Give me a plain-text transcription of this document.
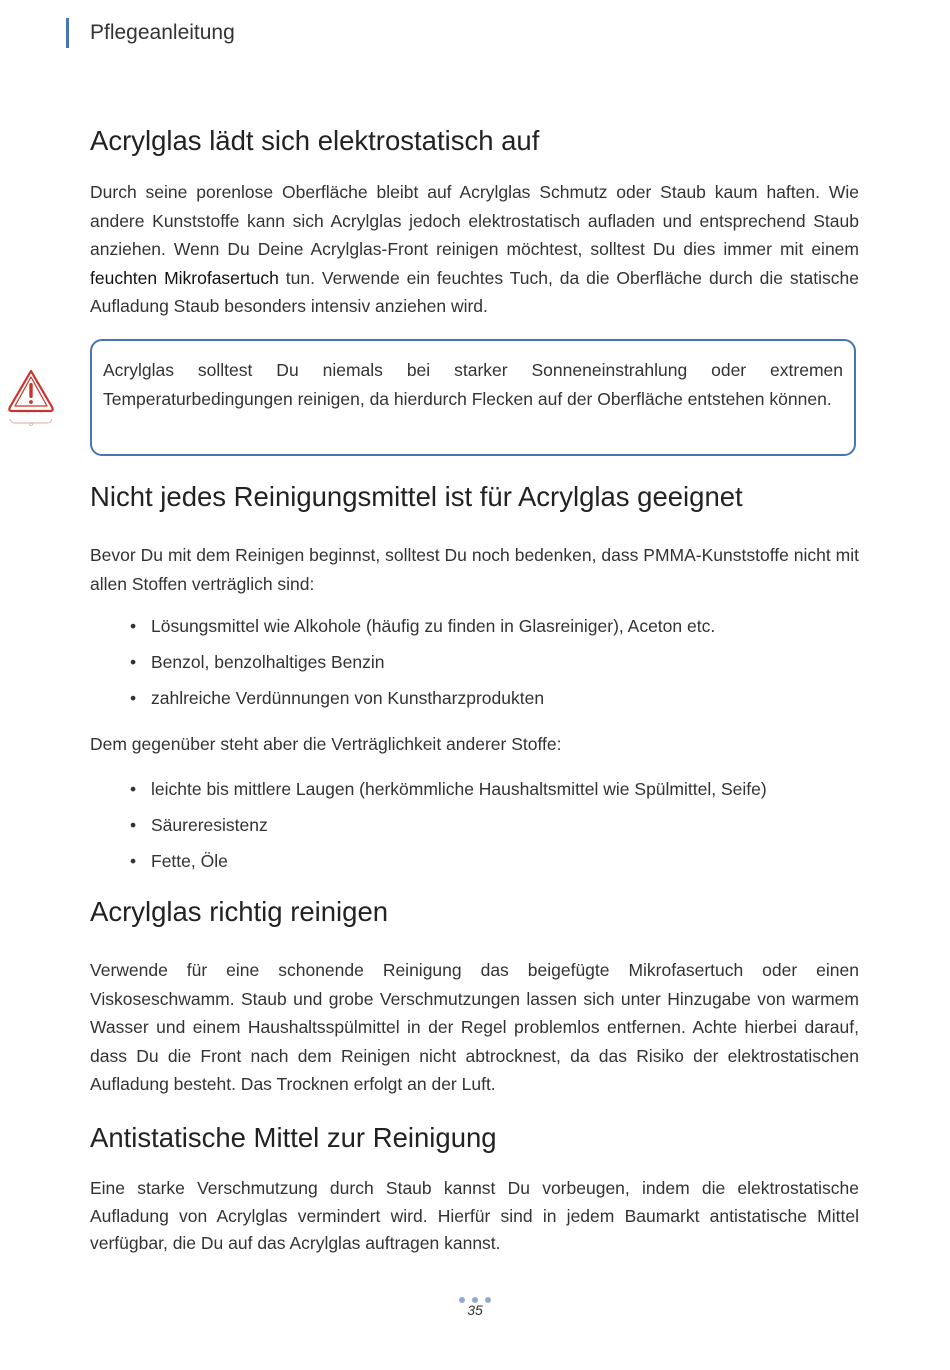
Pflegeanleitung
Acrylglas lädt sich elektrostatisch auf

Durch seine porenlose Oberfläche bleibt auf Acrylglas Schmutz oder Staub kaum haften. Wie andere Kunststoffe kann sich Acrylglas jedoch elektrostatisch aufladen und entsprechend Staub anziehen. Wenn Du Deine Acrylglas-Front reinigen möchtest, solltest Du dies immer mit einem feuchten Mikrofasertuch tun. Verwende ein feuchtes Tuch, da die Oberfläche durch die statische Aufladung Staub besonders intensiv anziehen wird.

Nicht jedes Reinigungsmittel ist für Acrylglas geeignet

Bevor Du mit dem Reinigen beginnst, solltest Du noch bedenken, dass PMMA-Kunststoffe nicht mit allen Stoffen verträglich sind:

• Lösungsmittel wie Alkohole (häufig zu finden in Glasreiniger), Aceton etc.
• Benzol, benzolhaltiges Benzin
• zahlreiche Verdünnungen von Kunstharzprodukten

Dem gegenüber steht aber die Verträglichkeit anderer Stoffe:

• leichte bis mittlere Laugen (herkömmliche Haushaltsmittel wie Spülmittel, Seife)
• Säureresistenz
• Fette, Öle
Acrylglas richtig reinigen

Verwende für eine schonende Reinigung das beigefügte Mikrofasertuch oder einen Viskoseschwamm. Staub und grobe Verschmutzungen lassen sich unter Hinzugabe von warmem Wasser und einem Haushaltsspülmittel in der Regel problemlos entfernen. Achte hierbei darauf, dass Du die Front nach dem Reinigen nicht abtrocknest, da das Risiko der elektrostatischen Aufladung besteht. Das Trocknen erfolgt an der Luft.

Antistatische Mittel zur Reinigung

Eine starke Verschmutzung durch Staub kannst Du vorbeugen, indem die elektrostatische Aufladung von Acrylglas vermindert wird. Hierfür sind in jedem Baumarkt antistatische Mittel verfügbar, die Du auf das Acrylglas auftragen kannst.

Acrylglas solltest Du niemals bei starker Sonneneinstrahlung oder extremen Temperaturbedingungen reinigen, da hierdurch Flecken auf der Oberfläche entstehen können.

35
